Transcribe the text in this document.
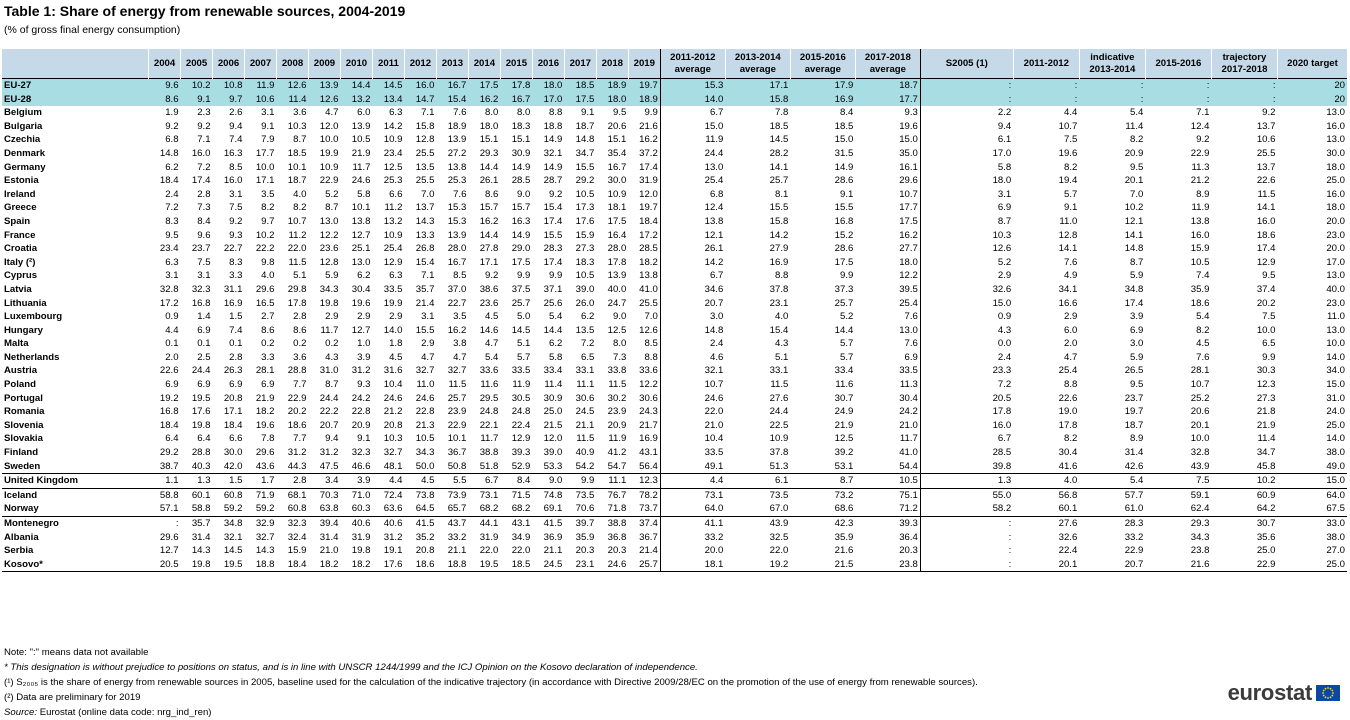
Table 1: Share of energy from renewable sources, 2004-2019
(% of gross final energy consumption)
	2004	2005	2006	2007	2008	2009	2010	2011	2012	2013	2014	2015	2016	2017	2018	2019	2011-2012 average	2013-2014 average	2015-2016 average	2017-2018 average	S2005 (1)	2011-2012	indicative 2013-2014	2015-2016	trajectory 2017-2018	2020 target
EU-27	9.6	10.2	10.8	11.9	12.6	13.9	14.4	14.5	16.0	16.7	17.5	17.8	18.0	18.5	18.9	19.7	15.3	17.1	17.9	18.7	:	:	:	:	:	20
EU-28	8.6	9.1	9.7	10.6	11.4	12.6	13.2	13.4	14.7	15.4	16.2	16.7	17.0	17.5	18.0	18.9	14.0	15.8	16.9	17.7	:	:	:	:	:	20
Belgium	1.9	2.3	2.6	3.1	3.6	4.7	6.0	6.3	7.1	7.6	8.0	8.0	8.8	9.1	9.5	9.9	6.7	7.8	8.4	9.3	2.2	4.4	5.4	7.1	9.2	13.0
Bulgaria	9.2	9.2	9.4	9.1	10.3	12.0	13.9	14.2	15.8	18.9	18.0	18.3	18.8	18.7	20.6	21.6	15.0	18.5	18.5	19.6	9.4	10.7	11.4	12.4	13.7	16.0
Czechia	6.8	7.1	7.4	7.9	8.7	10.0	10.5	10.9	12.8	13.9	15.1	15.1	14.9	14.8	15.1	16.2	11.9	14.5	15.0	15.0	6.1	7.5	8.2	9.2	10.6	13.0
Denmark	14.8	16.0	16.3	17.7	18.5	19.9	21.9	23.4	25.5	27.2	29.3	30.9	32.1	34.7	35.4	37.2	24.4	28.2	31.5	35.0	17.0	19.6	20.9	22.9	25.5	30.0
Germany	6.2	7.2	8.5	10.0	10.1	10.9	11.7	12.5	13.5	13.8	14.4	14.9	14.9	15.5	16.7	17.4	13.0	14.1	14.9	16.1	5.8	8.2	9.5	11.3	13.7	18.0
Estonia	18.4	17.4	16.0	17.1	18.7	22.9	24.6	25.3	25.5	25.3	26.1	28.5	28.7	29.2	30.0	31.9	25.4	25.7	28.6	29.6	18.0	19.4	20.1	21.2	22.6	25.0
Ireland	2.4	2.8	3.1	3.5	4.0	5.2	5.8	6.6	7.0	7.6	8.6	9.0	9.2	10.5	10.9	12.0	6.8	8.1	9.1	10.7	3.1	5.7	7.0	8.9	11.5	16.0
Greece	7.2	7.3	7.5	8.2	8.2	8.7	10.1	11.2	13.7	15.3	15.7	15.7	15.4	17.3	18.1	19.7	12.4	15.5	15.5	17.7	6.9	9.1	10.2	11.9	14.1	18.0
Spain	8.3	8.4	9.2	9.7	10.7	13.0	13.8	13.2	14.3	15.3	16.2	16.3	17.4	17.6	17.5	18.4	13.8	15.8	16.8	17.5	8.7	11.0	12.1	13.8	16.0	20.0
France	9.5	9.6	9.3	10.2	11.2	12.2	12.7	10.9	13.3	13.9	14.4	14.9	15.5	15.9	16.4	17.2	12.1	14.2	15.2	16.2	10.3	12.8	14.1	16.0	18.6	23.0
Croatia	23.4	23.7	22.7	22.2	22.0	23.6	25.1	25.4	26.8	28.0	27.8	29.0	28.3	27.3	28.0	28.5	26.1	27.9	28.6	27.7	12.6	14.1	14.8	15.9	17.4	20.0
Italy (²)	6.3	7.5	8.3	9.8	11.5	12.8	13.0	12.9	15.4	16.7	17.1	17.5	17.4	18.3	17.8	18.2	14.2	16.9	17.5	18.0	5.2	7.6	8.7	10.5	12.9	17.0
Cyprus	3.1	3.1	3.3	4.0	5.1	5.9	6.2	6.3	7.1	8.5	9.2	9.9	9.9	10.5	13.9	13.8	6.7	8.8	9.9	12.2	2.9	4.9	5.9	7.4	9.5	13.0
Latvia	32.8	32.3	31.1	29.6	29.8	34.3	30.4	33.5	35.7	37.0	38.6	37.5	37.1	39.0	40.0	41.0	34.6	37.8	37.3	39.5	32.6	34.1	34.8	35.9	37.4	40.0
Lithuania	17.2	16.8	16.9	16.5	17.8	19.8	19.6	19.9	21.4	22.7	23.6	25.7	25.6	26.0	24.7	25.5	20.7	23.1	25.7	25.4	15.0	16.6	17.4	18.6	20.2	23.0
Luxembourg	0.9	1.4	1.5	2.7	2.8	2.9	2.9	2.9	3.1	3.5	4.5	5.0	5.4	6.2	9.0	7.0	3.0	4.0	5.2	7.6	0.9	2.9	3.9	5.4	7.5	11.0
Hungary	4.4	6.9	7.4	8.6	8.6	11.7	12.7	14.0	15.5	16.2	14.6	14.5	14.4	13.5	12.5	12.6	14.8	15.4	14.4	13.0	4.3	6.0	6.9	8.2	10.0	13.0
Malta	0.1	0.1	0.1	0.2	0.2	0.2	1.0	1.8	2.9	3.8	4.7	5.1	6.2	7.2	8.0	8.5	2.4	4.3	5.7	7.6	0.0	2.0	3.0	4.5	6.5	10.0
Netherlands	2.0	2.5	2.8	3.3	3.6	4.3	3.9	4.5	4.7	4.7	5.4	5.7	5.8	6.5	7.3	8.8	4.6	5.1	5.7	6.9	2.4	4.7	5.9	7.6	9.9	14.0
Austria	22.6	24.4	26.3	28.1	28.8	31.0	31.2	31.6	32.7	32.7	33.6	33.5	33.4	33.1	33.8	33.6	32.1	33.1	33.4	33.5	23.3	25.4	26.5	28.1	30.3	34.0
Poland	6.9	6.9	6.9	6.9	7.7	8.7	9.3	10.4	11.0	11.5	11.6	11.9	11.4	11.1	11.5	12.2	10.7	11.5	11.6	11.3	7.2	8.8	9.5	10.7	12.3	15.0
Portugal	19.2	19.5	20.8	21.9	22.9	24.4	24.2	24.6	24.6	25.7	29.5	30.5	30.9	30.6	30.2	30.6	24.6	27.6	30.7	30.4	20.5	22.6	23.7	25.2	27.3	31.0
Romania	16.8	17.6	17.1	18.2	20.2	22.2	22.8	21.2	22.8	23.9	24.8	24.8	25.0	24.5	23.9	24.3	22.0	24.4	24.9	24.2	17.8	19.0	19.7	20.6	21.8	24.0
Slovenia	18.4	19.8	18.4	19.6	18.6	20.7	20.9	20.8	21.3	22.9	22.1	22.4	21.5	21.1	20.9	21.7	21.0	22.5	21.9	21.0	16.0	17.8	18.7	20.1	21.9	25.0
Slovakia	6.4	6.4	6.6	7.8	7.7	9.4	9.1	10.3	10.5	10.1	11.7	12.9	12.0	11.5	11.9	16.9	10.4	10.9	12.5	11.7	6.7	8.2	8.9	10.0	11.4	14.0
Finland	29.2	28.8	30.0	29.6	31.2	31.2	32.3	32.7	34.3	36.7	38.8	39.3	39.0	40.9	41.2	43.1	33.5	37.8	39.2	41.0	28.5	30.4	31.4	32.8	34.7	38.0
Sweden	38.7	40.3	42.0	43.6	44.3	47.5	46.6	48.1	50.0	50.8	51.8	52.9	53.3	54.2	54.7	56.4	49.1	51.3	53.1	54.4	39.8	41.6	42.6	43.9	45.8	49.0
United Kingdom	1.1	1.3	1.5	1.7	2.8	3.4	3.9	4.4	4.5	5.5	6.7	8.4	9.0	9.9	11.1	12.3	4.4	6.1	8.7	10.5	1.3	4.0	5.4	7.5	10.2	15.0
Iceland	58.8	60.1	60.8	71.9	68.1	70.3	71.0	72.4	73.8	73.9	73.1	71.5	74.8	73.5	76.7	78.2	73.1	73.5	73.2	75.1	55.0	56.8	57.7	59.1	60.9	64.0
Norway	57.1	58.8	59.2	59.2	60.8	63.8	60.3	63.6	64.5	65.7	68.2	68.2	69.1	70.6	71.8	73.7	64.0	67.0	68.6	71.2	58.2	60.1	61.0	62.4	64.2	67.5
Montenegro	:	35.7	34.8	32.9	32.3	39.4	40.6	40.6	41.5	43.7	44.1	43.1	41.5	39.7	38.8	37.4	41.1	43.9	42.3	39.3	:	27.6	28.3	29.3	30.7	33.0
Albania	29.6	31.4	32.1	32.7	32.4	31.4	31.9	31.2	35.2	33.2	31.9	34.9	36.9	35.9	36.8	36.7	33.2	32.5	35.9	36.4	:	32.6	33.2	34.3	35.6	38.0
Serbia	12.7	14.3	14.5	14.3	15.9	21.0	19.8	19.1	20.8	21.1	22.0	22.0	21.1	20.3	20.3	21.4	20.0	22.0	21.6	20.3	:	22.4	22.9	23.8	25.0	27.0
Kosovo*	20.5	19.8	19.5	18.8	18.4	18.2	18.2	17.6	18.6	18.8	19.5	18.5	24.5	23.1	24.6	25.7	18.1	19.2	21.5	23.8	:	20.1	20.7	21.6	22.9	25.0
Note: ":" means data not available
* This designation is without prejudice to positions on status, and is in line with UNSCR 1244/1999 and the ICJ Opinion on the Kosovo declaration of independence.
(¹) S₂₀₀₅ is the share of energy from renewable sources in 2005, baseline used for the calculation of the indicative trajectory (in accordance with Directive 2009/28/EC on the promotion of the use of energy from renewable sources).
(²) Data are preliminary for 2019
Source: Eurostat (online data code: nrg_ind_ren)
eurostat
